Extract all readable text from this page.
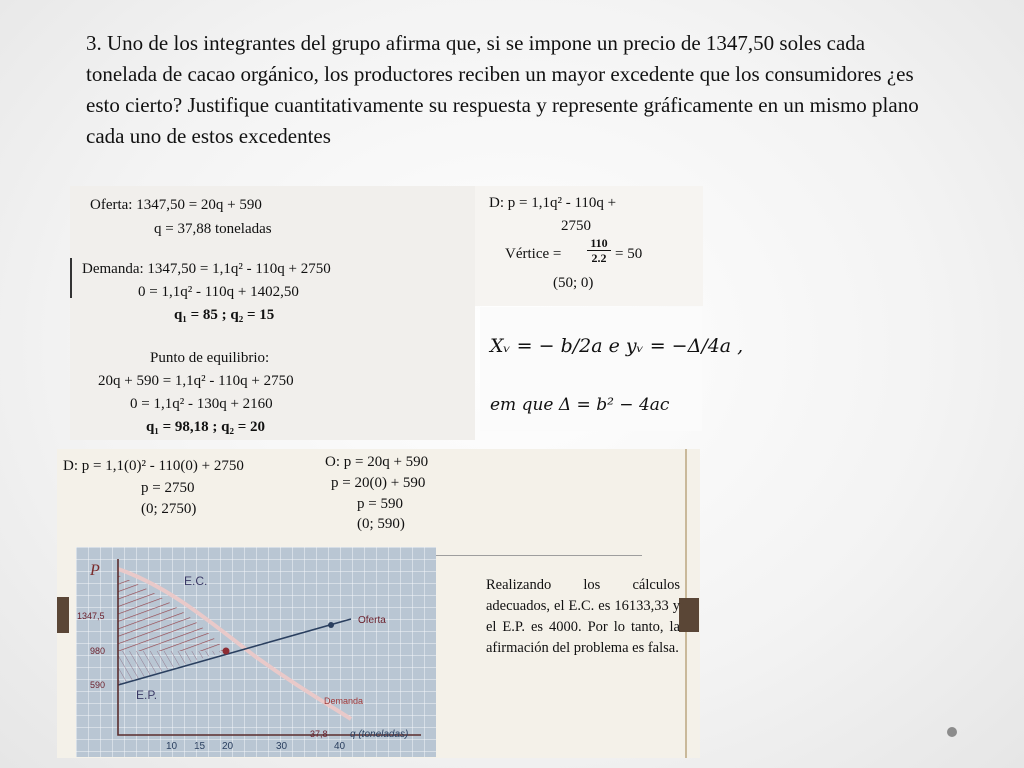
3. Uno de los integrantes del grupo afirma que, si se impone un precio de 1347,50 soles cada tonelada de cacao orgánico, los productores reciben un mayor excedente que los consumidores ¿es esto cierto? Justifique cuantitativamente su respuesta y represente gráficamente en un mismo plano cada uno de estos excedentes

Oferta: 1347,50 = 20q + 590
q = 37,88 toneladas
Demanda: 1347,50 = 1,1q² - 110q + 2750
0 = 1,1q² - 110q + 1402,50
q₁ = 85 ; q₂ = 15
Punto de equilibrio:
20q + 590 = 1,1q² - 110q + 2750
0 = 1,1q² - 130q + 2160
q₁ = 98,18 ; q₂ = 20
D: p = 1,1q² - 110q +
2750
Vértice = $\frac{110}{2.2} = 50$
(50; 0)
Xᵥ = − b/2a e yᵥ = −Δ/4a ,
em que Δ = b² − 4ac
D: p = 1,1(0)² - 110(0) + 2750
p = 2750
(0; 2750)
O: p = 20q + 590
p = 20(0) + 590
p = 590
(0; 590)
P
E.C.
E.P.
Oferta
Demanda
1347,5
980
590
10 15 20	30
37,8
40
q (toneladas)

Realizando los cálculos adecuados, el E.C. es 16133,33 y el E.P. es 4000. Por lo tanto, la afirmación del problema es falsa.
